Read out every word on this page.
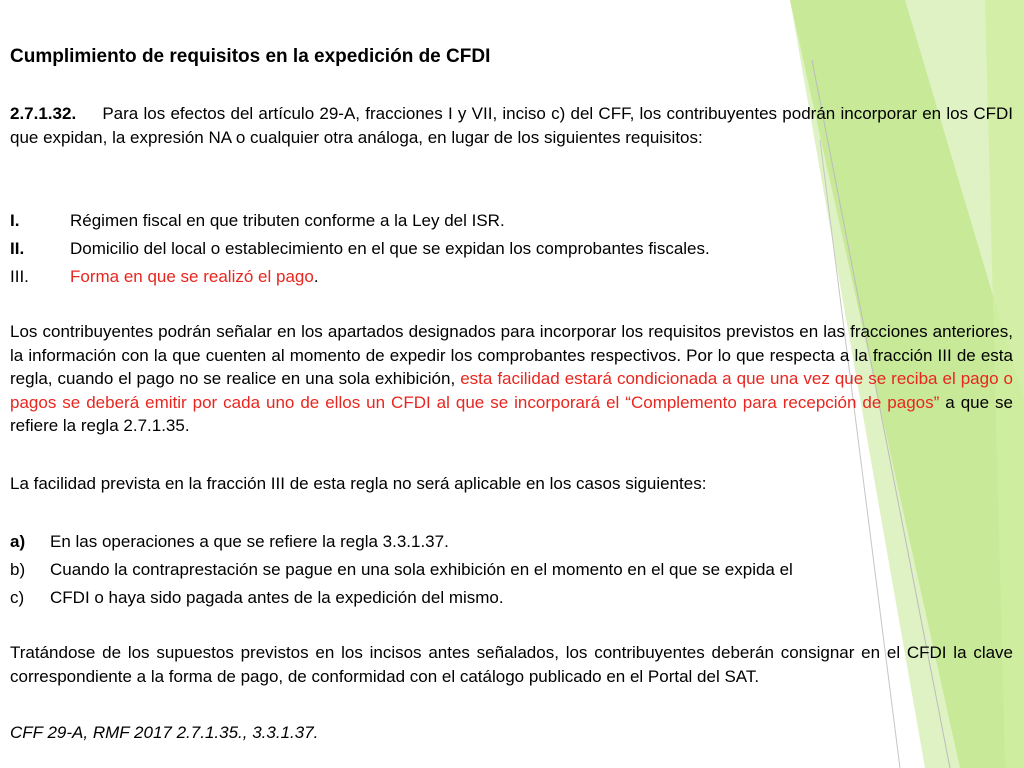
Cumplimiento de requisitos en la expedición de CFDI
2.7.1.32. Para los efectos del artículo 29-A, fracciones I y VII, inciso c) del CFF, los contribuyentes podrán incorporar en los CFDI que expidan, la expresión NA o cualquier otra análoga, en lugar de los siguientes requisitos:
I.	Régimen fiscal en que tributen conforme a la Ley del ISR.
II.	Domicilio del local o establecimiento en el que se expidan los comprobantes fiscales.
III. Forma en que se realizó el pago.
Los contribuyentes podrán señalar en los apartados designados para incorporar los requisitos previstos en las fracciones anteriores, la información con la que cuenten al momento de expedir los comprobantes respectivos. Por lo que respecta a la fracción III de esta regla, cuando el pago no se realice en una sola exhibición, esta facilidad estará condicionada a que una vez que se reciba el pago o pagos se deberá emitir por cada uno de ellos un CFDI al que se incorporará el “Complemento para recepción de pagos” a que se refiere la regla 2.7.1.35.
La facilidad prevista en la fracción III de esta regla no será aplicable en los casos siguientes:
a) En las operaciones a que se refiere la regla 3.3.1.37.
b) Cuando la contraprestación se pague en una sola exhibición en el momento en el que se expida el
c) CFDI o haya sido pagada antes de la expedición del mismo.
Tratándose de los supuestos previstos en los incisos antes señalados, los contribuyentes deberán consignar en el CFDI la clave correspondiente a la forma de pago, de conformidad con el catálogo publicado en el Portal del SAT.
CFF 29-A, RMF 2017 2.7.1.35., 3.3.1.37.
